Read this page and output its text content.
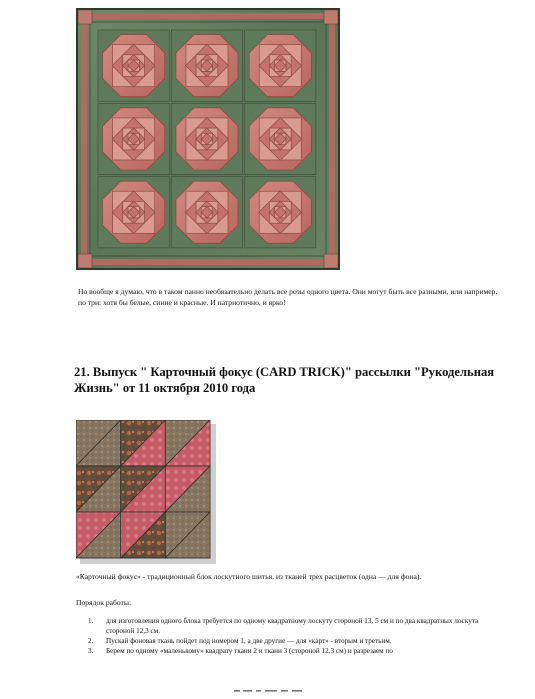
Но вообще я думаю, что в таком панно необязательно делать все розы одного цвета. Они могут быть все разными, или например, по три: хотя бы белые, синие и красные. И патриотично, и ярко!

21. Выпуск " Карточный фокус (CARD TRICK)" рассылки "Рукодельная Жизнь" от 11 октября 2010 года

«Карточный фокус» - традиционный блок лоскутного шитья, из тканей трех расцветок (одна — для фона).

Порядок работы:

1. для изготовления одного блока требуется по одному квадратному лоскуту стороной 13, 5 см и по два квадратных лоскута стороной 12,3 см.
2. Пускай фоновая ткань пойдет под номером 1, а две другие — для «карт» - вторым и третьим.
3. Берем по одному «маленькому» квадрату ткани 2 и ткани 3 (стороной 12,3 см) и разрезаем по
